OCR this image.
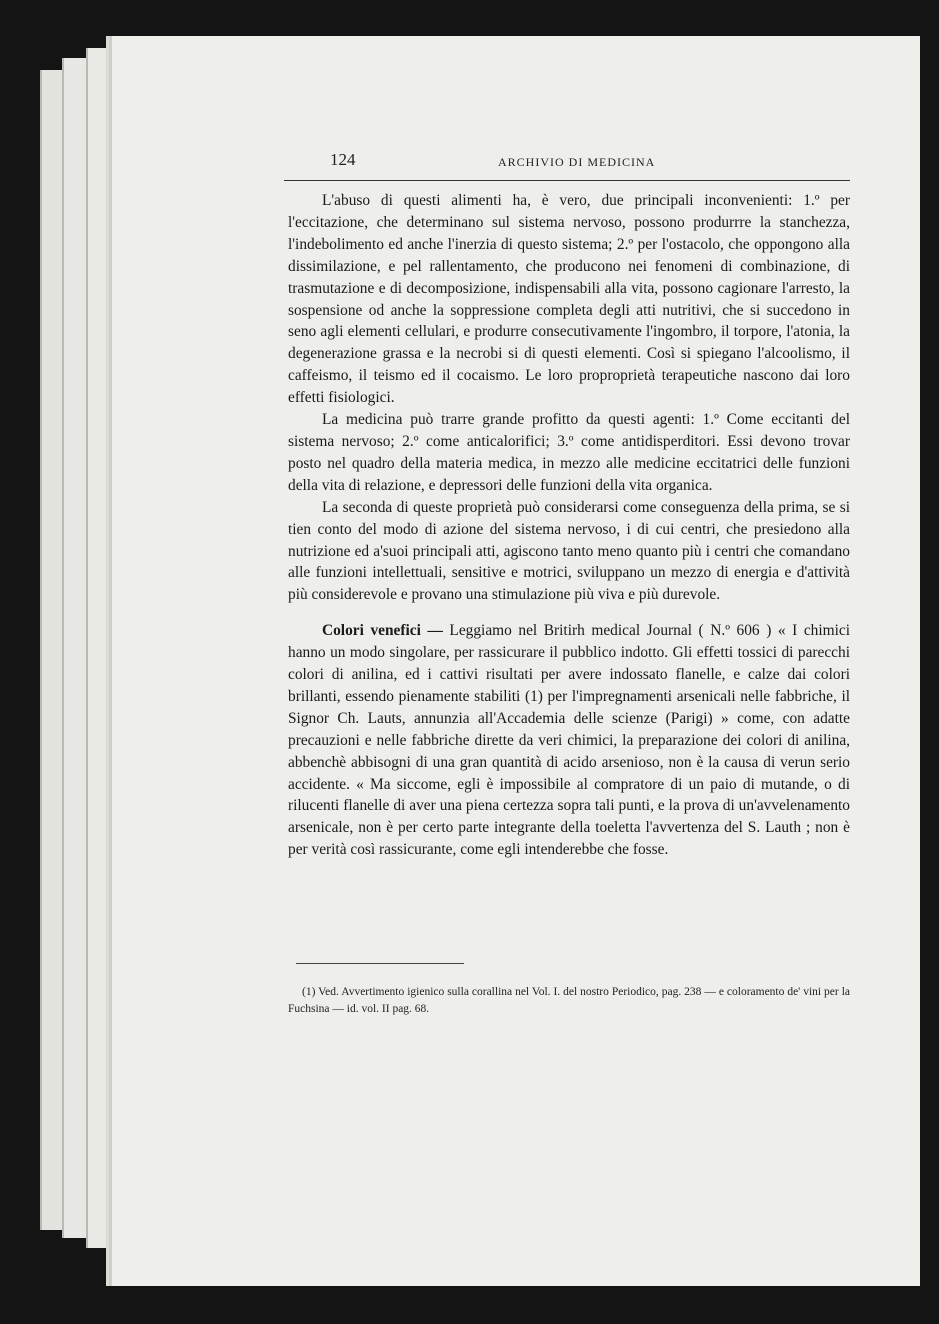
124	ARCHIVIO DI MEDICINA

L'abuso di questi alimenti ha, è vero, due principali inconvenienti: 1.º per l'eccitazione, che determinano sul sistema nervoso, possono produrrre la stanchezza, l'indebolimento ed anche l'inerzia di questo sistema; 2.º per l'ostacolo, che oppongono alla dissimilazione, e pel rallentamento, che producono nei fenomeni di combinazione, di trasmutazione e di decomposizione, indispensabili alla vita, possono cagionare l'arresto, la sospensione od anche la soppressione completa degli atti nutritivi, che si succedono in seno agli elementi cellulari, e produrre consecutivamente l'ingombro, il torpore, l'atonia, la degenerazione grassa e la necrobi si di questi elementi. Così si spiegano l'alcoolismo, il caffeismo, il teismo ed il cocaismo. Le loro proproprietà terapeutiche nascono dai loro effetti fisiologici.

La medicina può trarre grande profitto da questi agenti: 1.º Come eccitanti del sistema nervoso; 2.º come anticalorifici; 3.º come antidisperditori. Essi devono trovar posto nel quadro della materia medica, in mezzo alle medicine eccitatrici delle funzioni della vita di relazione, e depressori delle funzioni della vita organica.

La seconda di queste proprietà può considerarsi come conseguenza della prima, se si tien conto del modo di azione del sistema nervoso, i di cui centri, che presiedono alla nutrizione ed a'suoi principali atti, agiscono tanto meno quanto più i centri che comandano alle funzioni intellettuali, sensitive e motrici, sviluppano un mezzo di energia e d'attività più considerevole e provano una stimulazione più viva e più durevole.

Colori venefici — Leggiamo nel Britirh medical Journal ( N.º 606 ) « I chimici hanno un modo singolare, per rassicurare il pubblico indotto. Gli effetti tossici di parecchi colori di anilina, ed i cattivi risultati per avere indossato flanelle, e calze dai colori brillanti, essendo pienamente stabiliti (1) per l'impregnamenti arsenicali nelle fabbriche, il Signor Ch. Lauts, annunzia all'Accademia delle scienze (Parigi) » come, con adatte precauzioni e nelle fabbriche dirette da veri chimici, la preparazione dei colori di anilina, abbenchè abbisogni di una gran quantità di acido arsenioso, non è la causa di verun serio accidente. « Ma siccome, egli è impossibile al compratore di un paio di mutande, o di rilucenti flanelle di aver una piena certezza sopra tali punti, e la prova di un'avvelenamento arsenicale, non è per certo parte integrante della toeletta l'avvertenza del S. Lauth ; non è per verità così rassicurante, come egli intenderebbe che fosse.

(1) Ved. Avvertimento igienico sulla corallina nel Vol. I. del nostro Periodico, pag. 238 — e coloramento de' vini per la Fuchsina — id. vol. II pag. 68.
